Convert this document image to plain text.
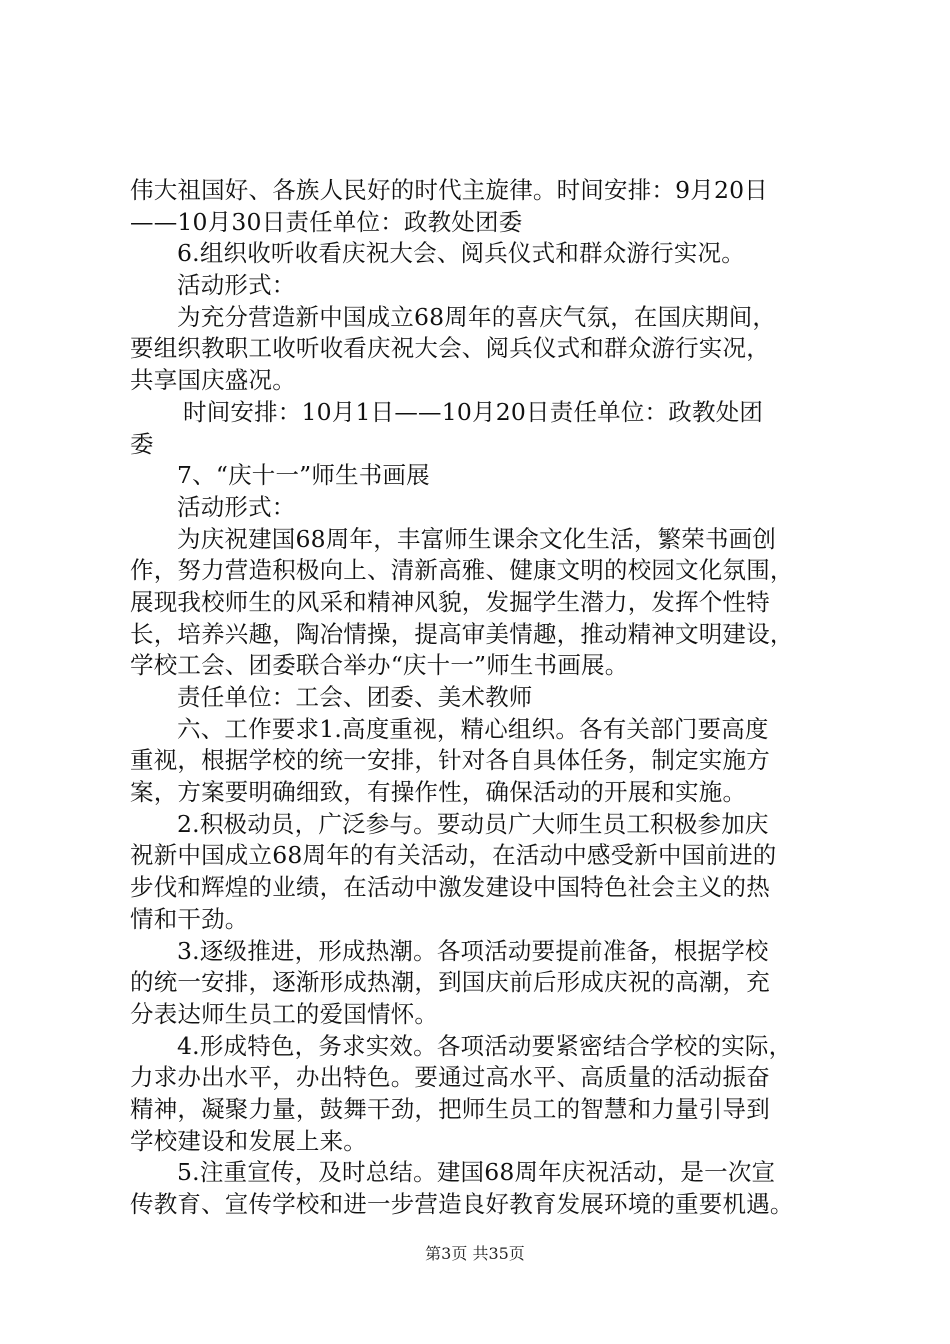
伟大祖国好、各族人民好的时代主旋律。时间安排：9月20日
——10月30日责任单位：政教处团委
6.组织收听收看庆祝大会、阅兵仪式和群众游行实况。
活动形式：
为充分营造新中国成立68周年的喜庆气氛，在国庆期间，
要组织教职工收听收看庆祝大会、阅兵仪式和群众游行实况，
共享国庆盛况。
时间安排：10月1日——10月20日责任单位：政教处团
委
7、“庆十一”师生书画展
活动形式：
为庆祝建国68周年，丰富师生课余文化生活，繁荣书画创
作，努力营造积极向上、清新高雅、健康文明的校园文化氛围，
展现我校师生的风采和精神风貌，发掘学生潜力，发挥个性特
长，培养兴趣，陶冶情操，提高审美情趣，推动精神文明建设，
学校工会、团委联合举办“庆十一”师生书画展。
责任单位：工会、团委、美术教师
六、工作要求1.高度重视，精心组织。各有关部门要高度
重视，根据学校的统一安排，针对各自具体任务，制定实施方
案，方案要明确细致，有操作性，确保活动的开展和实施。
2.积极动员，广泛参与。要动员广大师生员工积极参加庆
祝新中国成立68周年的有关活动，在活动中感受新中国前进的
步伐和辉煌的业绩，在活动中激发建设中国特色社会主义的热
情和干劲。
3.逐级推进，形成热潮。各项活动要提前准备，根据学校
的统一安排，逐渐形成热潮，到国庆前后形成庆祝的高潮，充
分表达师生员工的爱国情怀。
4.形成特色，务求实效。各项活动要紧密结合学校的实际，
力求办出水平，办出特色。要通过高水平、高质量的活动振奋
精神，凝聚力量，鼓舞干劲，把师生员工的智慧和力量引导到
学校建设和发展上来。
5.注重宣传，及时总结。建国68周年庆祝活动，是一次宣
传教育、宣传学校和进一步营造良好教育发展环境的重要机遇。
第3页 共35页
